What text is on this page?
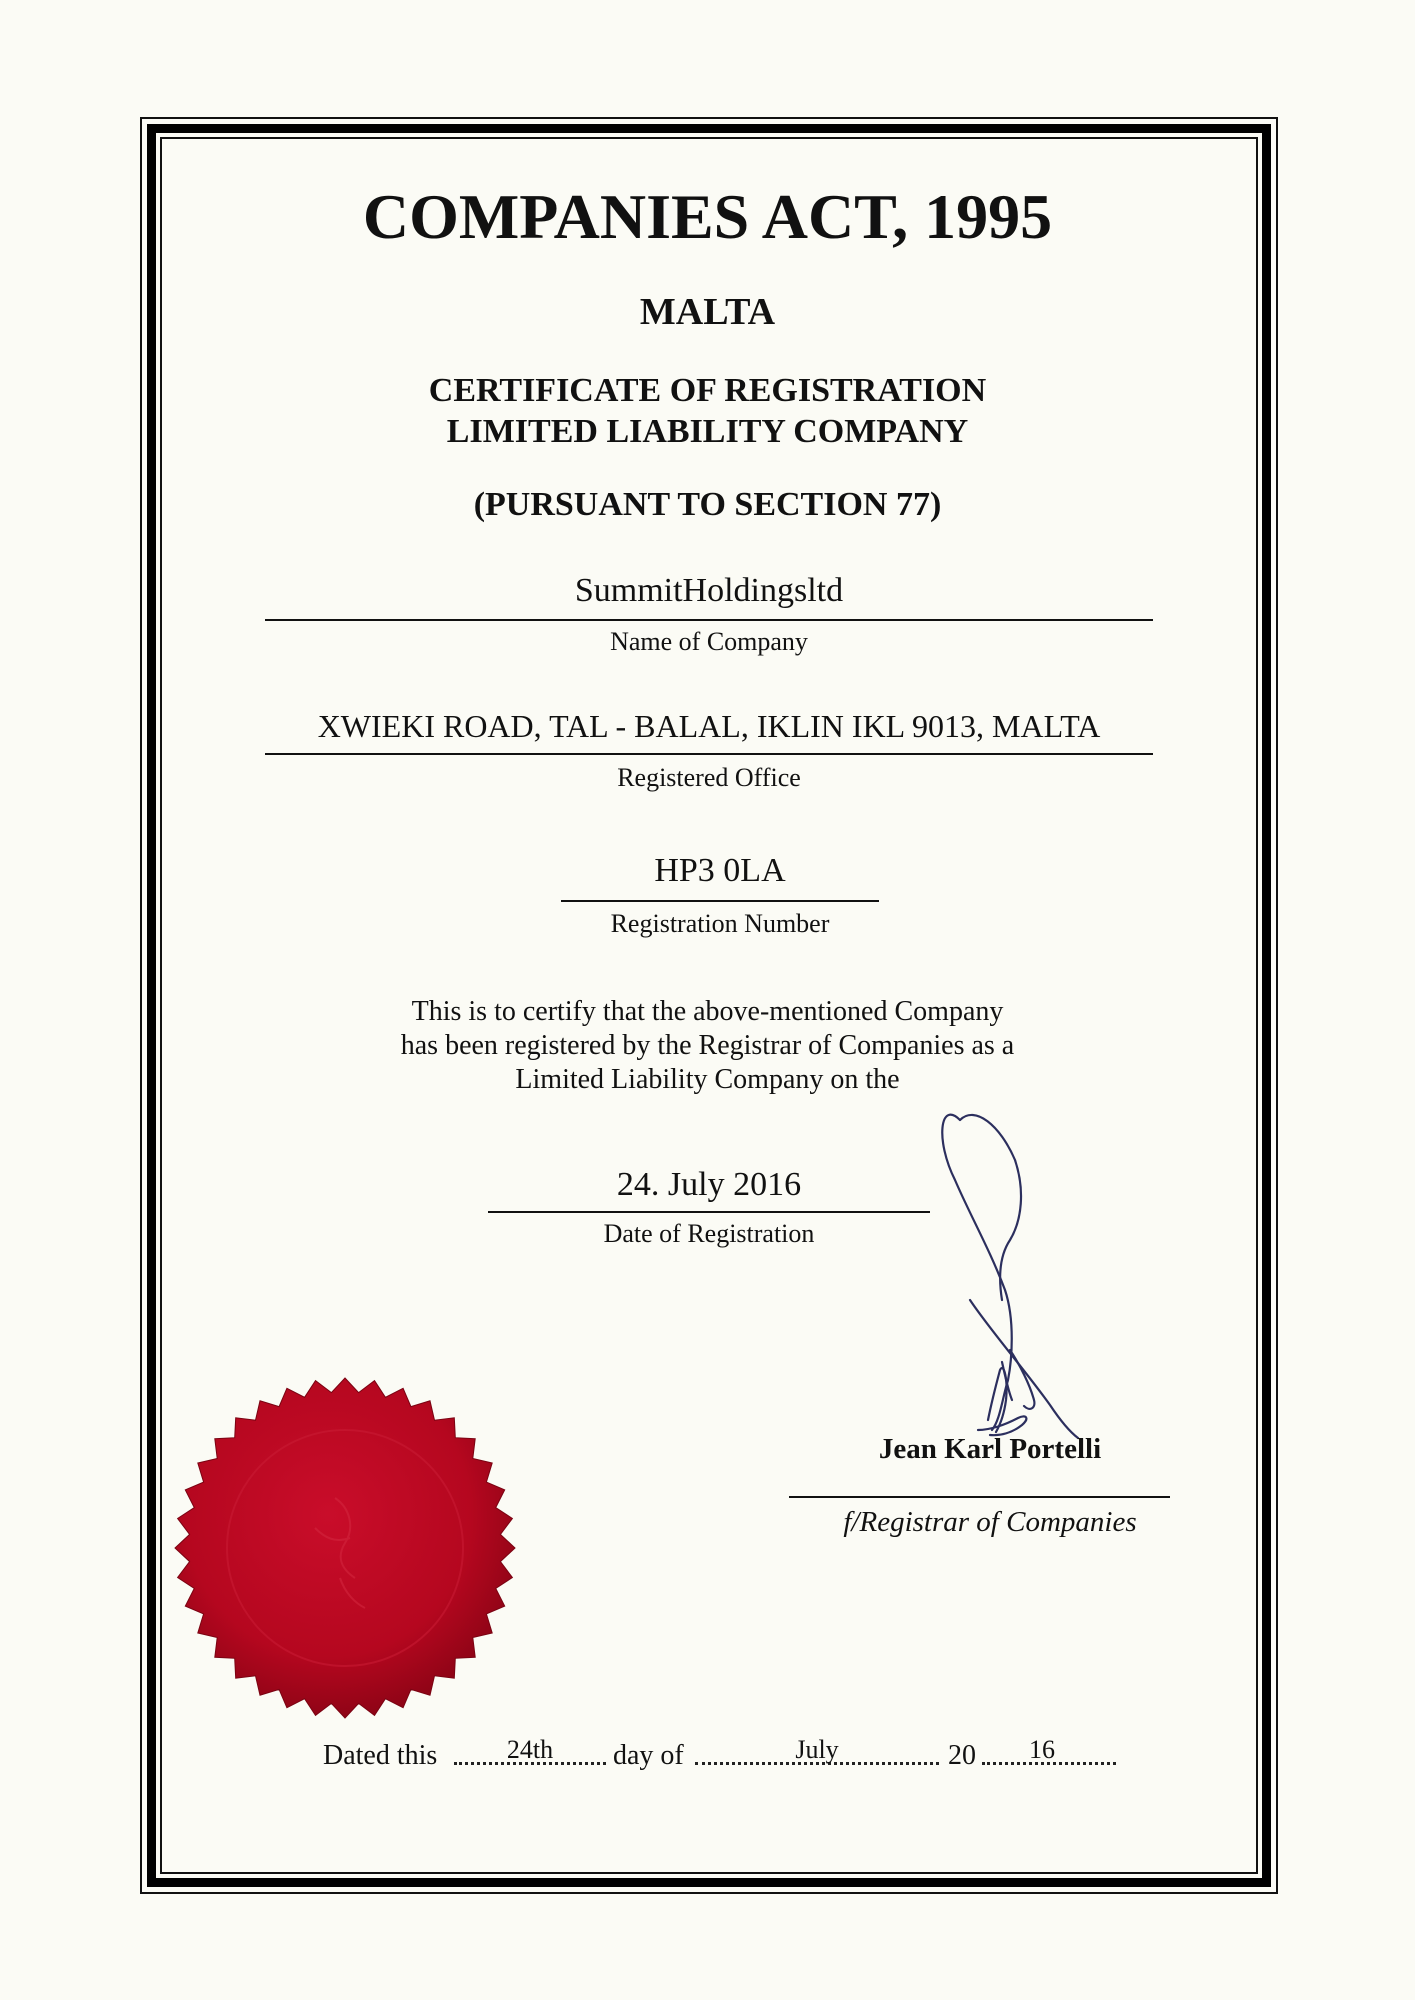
COMPANIES ACT, 1995
MALTA
CERTIFICATE OF REGISTRATION
LIMITED LIABILITY COMPANY
(PURSUANT TO SECTION 77)
SummitHoldingsltd
Name of Company
XWIEKI ROAD, TAL - BALAL, IKLIN IKL 9013, MALTA
Registered Office
HP3 0LA
Registration Number
This is to certify that the above-mentioned Company
has been registered by the Registrar of Companies as a
Limited Liability Company on the
24. July 2016
Date of Registration
Jean Karl Portelli
f/Registrar of Companies
Dated this	24th	day of	July	20	16
